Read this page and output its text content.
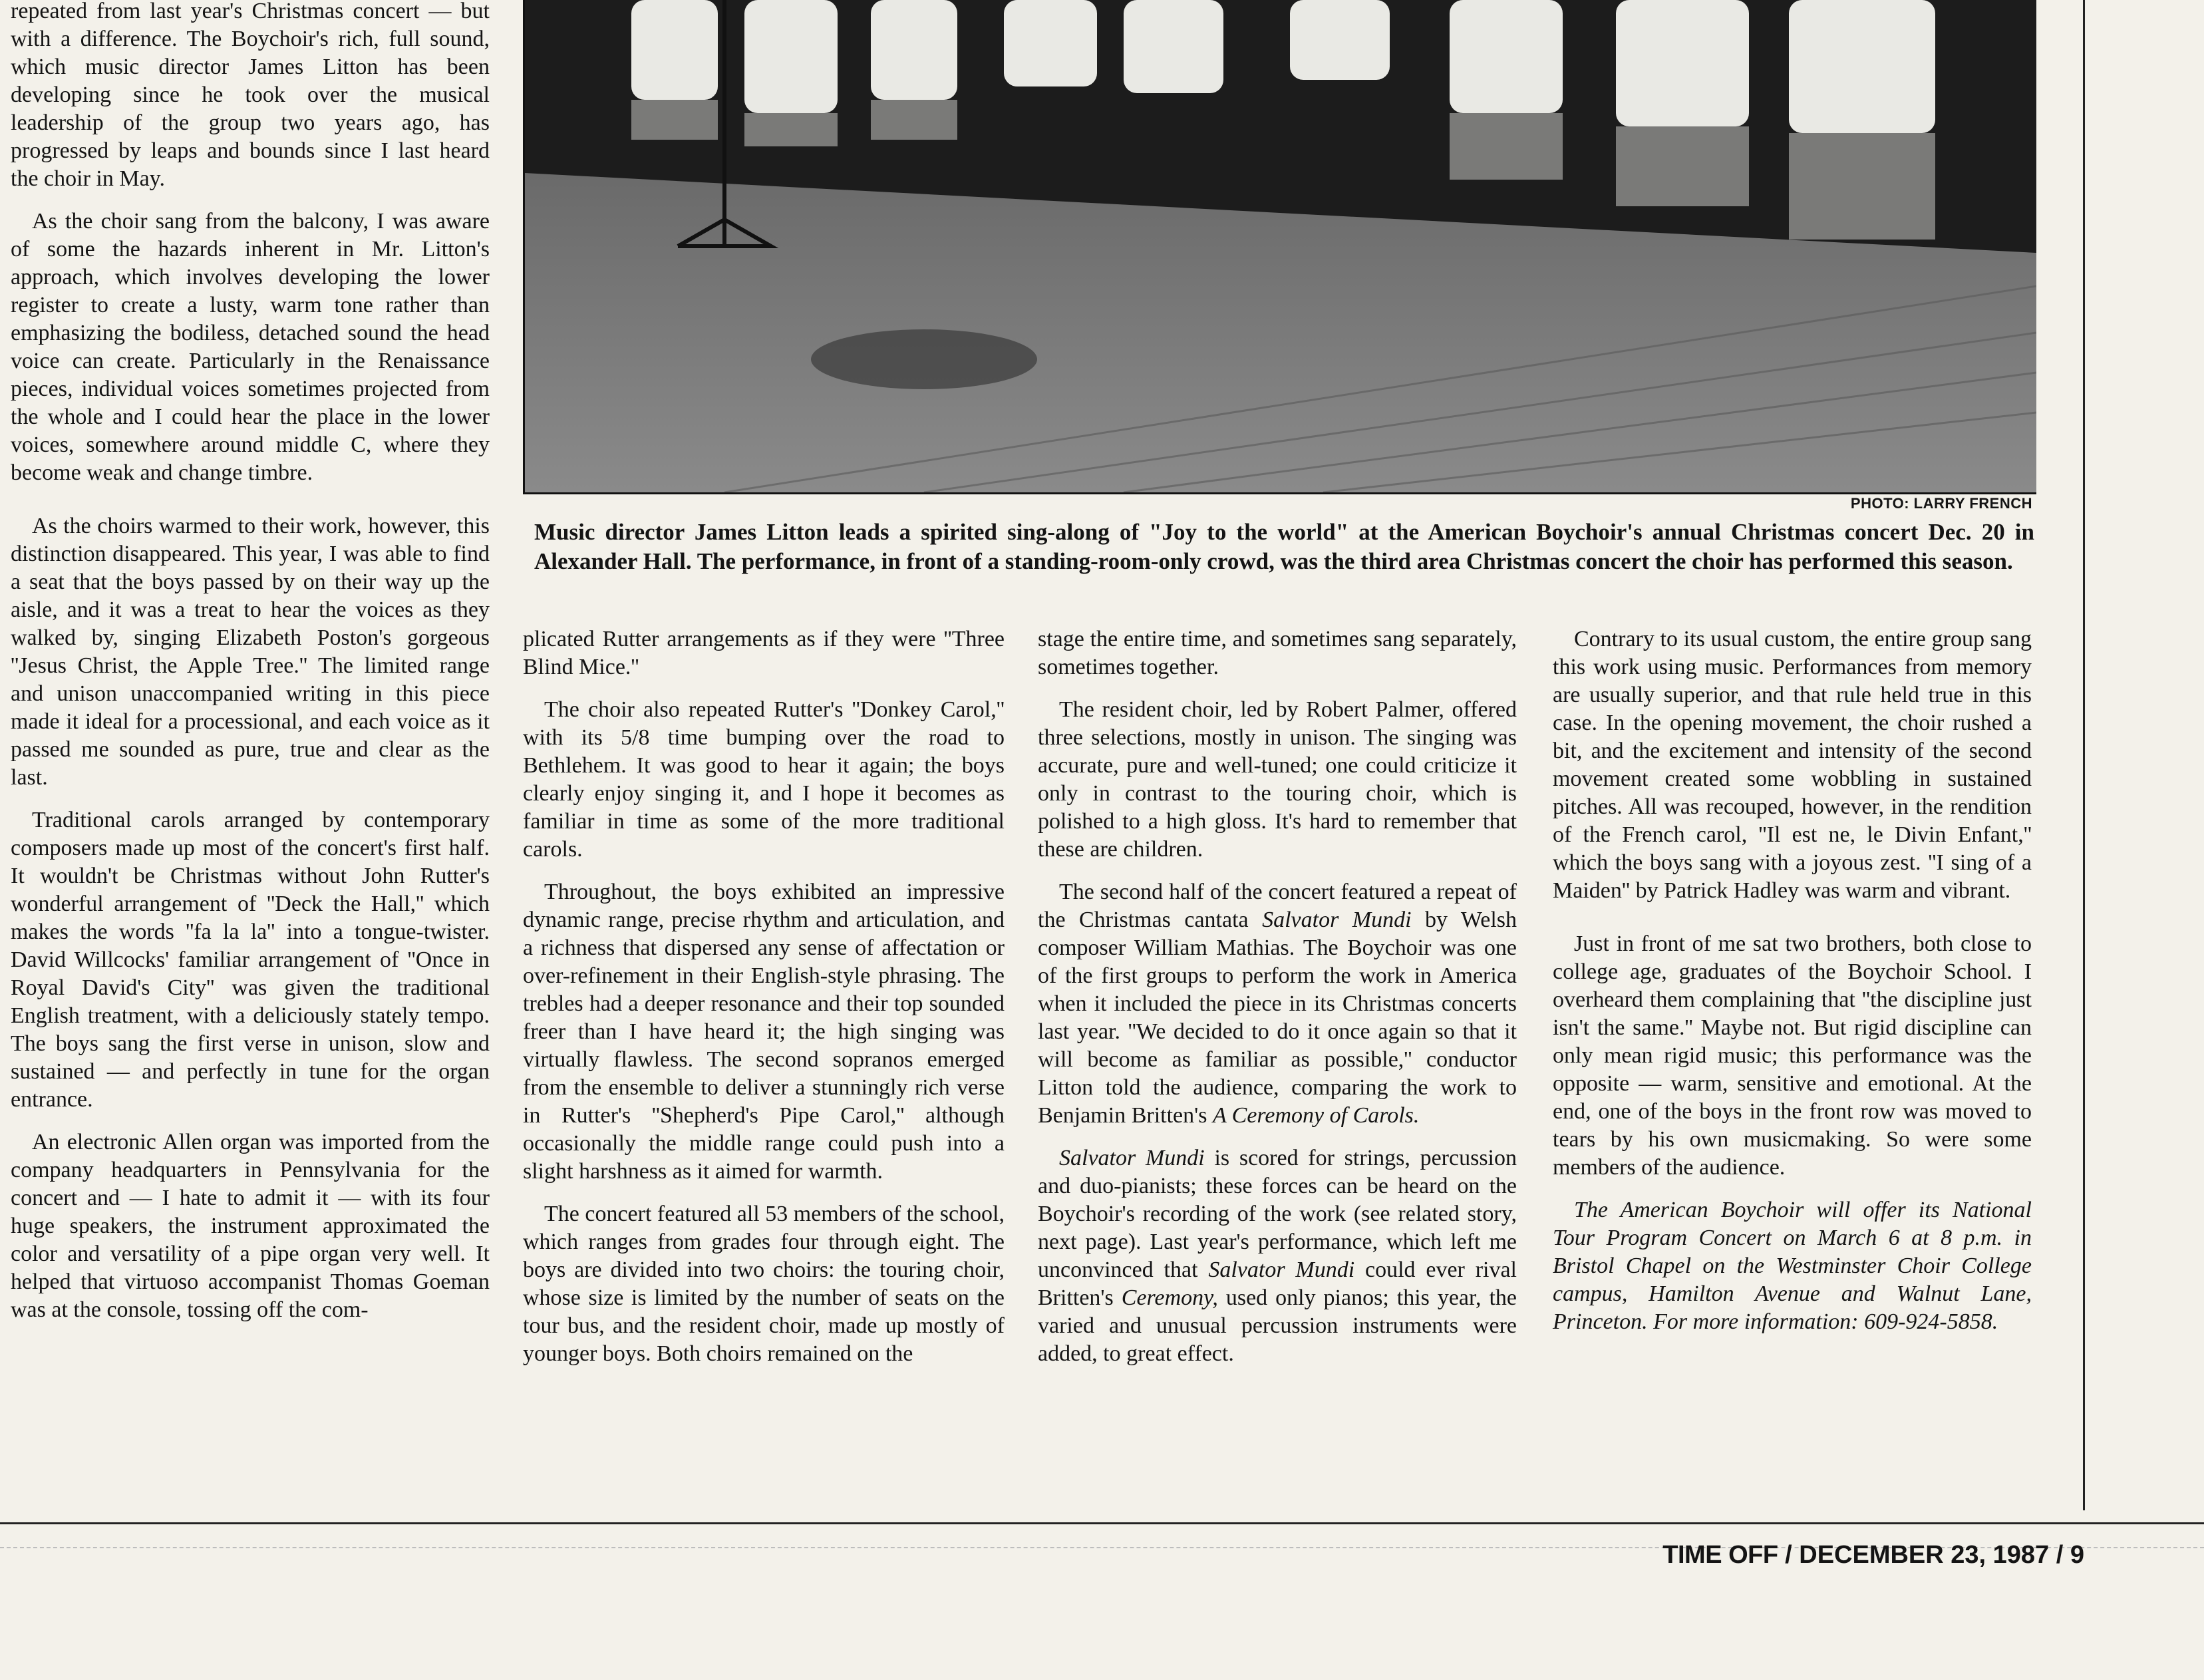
PHOTO: LARRY FRENCH
Music director James Litton leads a spirited sing-along of "Joy to the world" at the American Boychoir's annual Christmas concert Dec. 20 in Alexander Hall. The performance, in front of a standing-room-only crowd, was the third area Christmas concert the choir has performed this season.

repeated from last year's Christmas concert — but with a difference. The Boychoir's rich, full sound, which music director James Litton has been developing since he took over the musical leadership of the group two years ago, has progressed by leaps and bounds since I last heard the choir in May.

As the choir sang from the balcony, I was aware of some the hazards inherent in Mr. Litton's approach, which involves developing the lower register to create a lusty, warm tone rather than emphasizing the bodiless, detached sound the head voice can create. Particularly in the Renaissance pieces, individual voices sometimes projected from the whole and I could hear the place in the lower voices, somewhere around middle C, where they become weak and change timbre.

As the choirs warmed to their work, however, this distinction disappeared. This year, I was able to find a seat that the boys passed by on their way up the aisle, and it was a treat to hear the voices as they walked by, singing Elizabeth Poston's gorgeous ''Jesus Christ, the Apple Tree.'' The limited range and unison unaccompanied writing in this piece made it ideal for a processional, and each voice as it passed me sounded as pure, true and clear as the last.

Traditional carols arranged by contemporary composers made up most of the concert's first half. It wouldn't be Christmas without John Rutter's wonderful arrangement of ''Deck the Hall,'' which makes the words ''fa la la'' into a tongue-twister. David Willcocks' familiar arrangement of ''Once in Royal David's City'' was given the traditional English treatment, with a deliciously stately tempo. The boys sang the first verse in unison, slow and sustained — and perfectly in tune for the organ entrance.

An electronic Allen organ was imported from the company headquarters in Pennsylvania for the concert and — I hate to admit it — with its four huge speakers, the instrument approximated the color and versatility of a pipe organ very well. It helped that virtuoso accompanist Thomas Goeman was at the console, tossing off the com-

plicated Rutter arrangements as if they were ''Three Blind Mice.''

The choir also repeated Rutter's ''Donkey Carol,'' with its 5/8 time bumping over the road to Bethlehem. It was good to hear it again; the boys clearly enjoy singing it, and I hope it becomes as familiar in time as some of the more traditional carols.

Throughout, the boys exhibited an impressive dynamic range, precise rhythm and articulation, and a richness that dispersed any sense of affectation or over-refinement in their English-style phrasing. The trebles had a deeper resonance and their top sounded freer than I have heard it; the high singing was virtually flawless. The second sopranos emerged from the ensemble to deliver a stunningly rich verse in Rutter's ''Shepherd's Pipe Carol,'' although occasionally the middle range could push into a slight harshness as it aimed for warmth.

The concert featured all 53 members of the school, which ranges from grades four through eight. The boys are divided into two choirs: the touring choir, whose size is limited by the number of seats on the tour bus, and the resident choir, made up mostly of younger boys. Both choirs remained on the

stage the entire time, and sometimes sang separately, sometimes together.

The resident choir, led by Robert Palmer, offered three selections, mostly in unison. The singing was accurate, pure and well-tuned; one could criticize it only in contrast to the touring choir, which is polished to a high gloss. It's hard to remember that these are children.

The second half of the concert featured a repeat of the Christmas cantata Salvator Mundi by Welsh composer William Mathias. The Boychoir was one of the first groups to perform the work in America when it included the piece in its Christmas concerts last year. ''We decided to do it once again so that it will become as familiar as possible,'' conductor Litton told the audience, comparing the work to Benjamin Britten's A Ceremony of Carols.

Salvator Mundi is scored for strings, percussion and duo-pianists; these forces can be heard on the Boychoir's recording of the work (see related story, next page). Last year's performance, which left me unconvinced that Salvator Mundi could ever rival Britten's Ceremony, used only pianos; this year, the varied and unusual percussion instruments were added, to great effect.

Contrary to its usual custom, the entire group sang this work using music. Performances from memory are usually superior, and that rule held true in this case. In the opening movement, the choir rushed a bit, and the excitement and intensity of the second movement created some wobbling in sustained pitches. All was recouped, however, in the rendition of the French carol, ''Il est ne, le Divin Enfant,'' which the boys sang with a joyous zest. ''I sing of a Maiden'' by Patrick Hadley was warm and vibrant.

Just in front of me sat two brothers, both close to college age, graduates of the Boychoir School. I overheard them complaining that ''the discipline just isn't the same.'' Maybe not. But rigid discipline can only mean rigid music; this performance was the opposite — warm, sensitive and emotional. At the end, one of the boys in the front row was moved to tears by his own musicmaking. So were some members of the audience.

The American Boychoir will offer its National Tour Program Concert on March 6 at 8 p.m. in Bristol Chapel on the Westminster Choir College campus, Hamilton Avenue and Walnut Lane, Princeton. For more information: 609-924-5858.

TIME OFF / DECEMBER 23, 1987 / 9
